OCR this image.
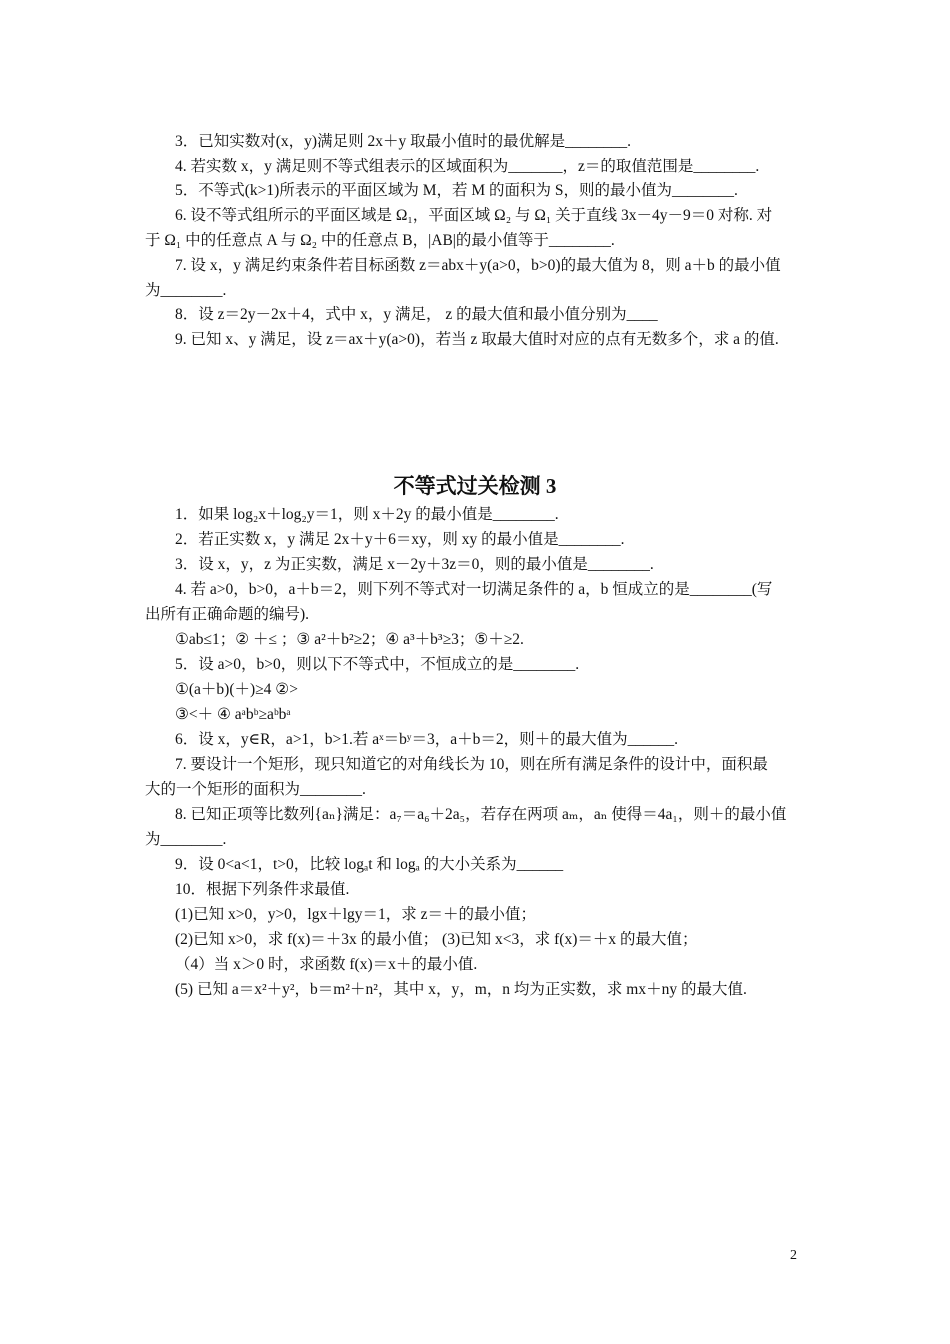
3．已知实数对(x，y)满足则 2x＋y 取最小值时的最优解是________.
4. 若实数 x，y 满足则不等式组表示的区域面积为_______，z＝的取值范围是________.
5．不等式(k>1)所表示的平面区域为 M，若 M 的面积为 S，则的最小值为________.
6. 设不等式组所示的平面区域是 Ω₁，平面区域 Ω₂ 与 Ω₁ 关于直线 3x－4y－9＝0 对称. 对
于 Ω₁ 中的任意点 A 与 Ω₂ 中的任意点 B，|AB|的最小值等于________.
7. 设 x，y 满足约束条件若目标函数 z＝abx＋y(a>0，b>0)的最大值为 8，则 a＋b 的最小值
为________.
8．设 z＝2y－2x＋4，式中 x，y 满足， z 的最大值和最小值分别为____
9. 已知 x、y 满足，设 z＝ax＋y(a>0)，若当 z 取最大值时对应的点有无数多个，求 a 的值.
不等式过关检测 3
1．如果 log₂x＋log₂y＝1，则 x＋2y 的最小值是________.
2．若正实数 x，y 满足 2x＋y＋6＝xy，则 xy 的最小值是________.
3．设 x，y，z 为正实数，满足 x－2y＋3z＝0，则的最小值是________.
4. 若 a>0，b>0，a＋b＝2，则下列不等式对一切满足条件的 a，b 恒成立的是________(写
出所有正确命题的编号).
①ab≤1；② ＋≤ ；③ a²＋b²≥2；④ a³＋b³≥3；⑤＋≥2.
5．设 a>0，b>0，则以下不等式中，不恒成立的是________.
①(a＋b)(＋)≥4 ②>
③<＋ ④ aᵃbᵇ≥aᵇbᵃ
6．设 x，y∈R，a>1，b>1.若 aˣ＝bʸ＝3，a＋b＝2，则＋的最大值为______.
7. 要设计一个矩形，现只知道它的对角线长为 10，则在所有满足条件的设计中，面积最
大的一个矩形的面积为________.
8. 已知正项等比数列{aₙ}满足：a₇＝a₆＋2a₅，若存在两项 aₘ，aₙ 使得＝4a₁，则＋的最小值
为________.
9．设 0<a<1，t>0，比较 logₐt 和 logₐ 的大小关系为______
10．根据下列条件求最值.
(1)已知 x>0，y>0，lgx＋lgy＝1，求 z＝＋的最小值；
(2)已知 x>0，求 f(x)＝＋3x 的最小值； (3)已知 x<3，求 f(x)＝＋x 的最大值；
（4）当 x＞0 时，求函数 f(x)＝x＋的最小值.
(5) 已知 a＝x²＋y²，b＝m²＋n²，其中 x，y，m，n 均为正实数，求 mx＋ny 的最大值.
2
